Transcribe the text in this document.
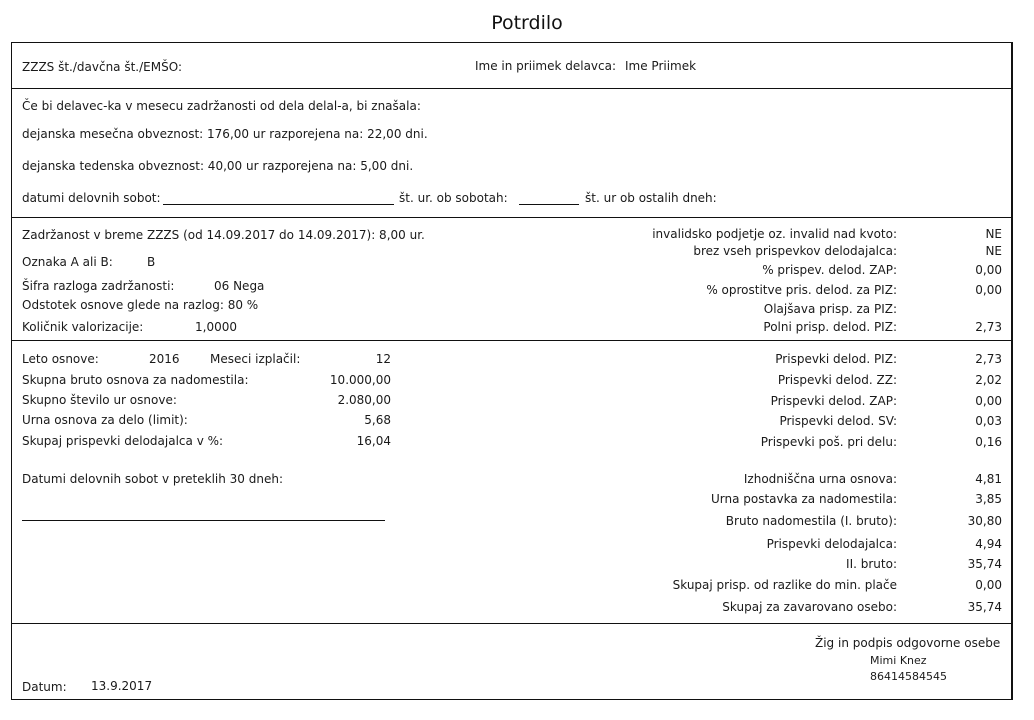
Potrdilo
ZZZS št./davčna št./EMŠO:	Ime in priimek delavca: Ime Priimek
Če bi delavec-ka v mesecu zadržanosti od dela delal-a, bi znašala:
dejanska mesečna obveznost: 176,00 ur razporejena na: 22,00 dni.
dejanska tedenska obveznost: 40,00 ur razporejena na: 5,00 dni.
datumi delovnih sobot:	št. ur. ob sobotah:	št. ur ob ostalih dneh:
Zadržanost v breme ZZZS (od 14.09.2017 do 14.09.2017): 8,00 ur.
Oznaka A ali B:	B
Šifra razloga zadržanosti:	06 Nega
Odstotek osnove glede na razlog: 80 %
Količnik valorizacije:	1,0000
invalidsko podjetje oz. invalid nad kvoto:	NE
brez vseh prispevkov delodajalca:	NE
% prispev. delod. ZAP:	0,00
% oprostitve pris. delod. za PIZ:	0,00
Olajšava prisp. za PIZ:
Polni prisp. delod. PIZ:	2,73
Leto osnove:	2016	Meseci izplačil:	12
Skupna bruto osnova za nadomestila:	10.000,00
Skupno število ur osnove:	2.080,00
Urna osnova za delo (limit):	5,68
Skupaj prispevki delodajalca v %:	16,04
Datumi delovnih sobot v preteklih 30 dneh:
Prispevki delod. PIZ:	2,73
Prispevki delod. ZZ:	2,02
Prispevki delod. ZAP:	0,00
Prispevki delod. SV:	0,03
Prispevki poš. pri delu:	0,16
Izhodniščna urna osnova:	4,81
Urna postavka za nadomestila:	3,85
Bruto nadomestila (I. bruto):	30,80
Prispevki delodajalca:	4,94
II. bruto:	35,74
Skupaj prisp. od razlike do min. plače	0,00
Skupaj za zavarovano osebo:	35,74
Datum: 13.9.2017
Žig in podpis odgovorne osebe
Mimi Knez
86414584545
